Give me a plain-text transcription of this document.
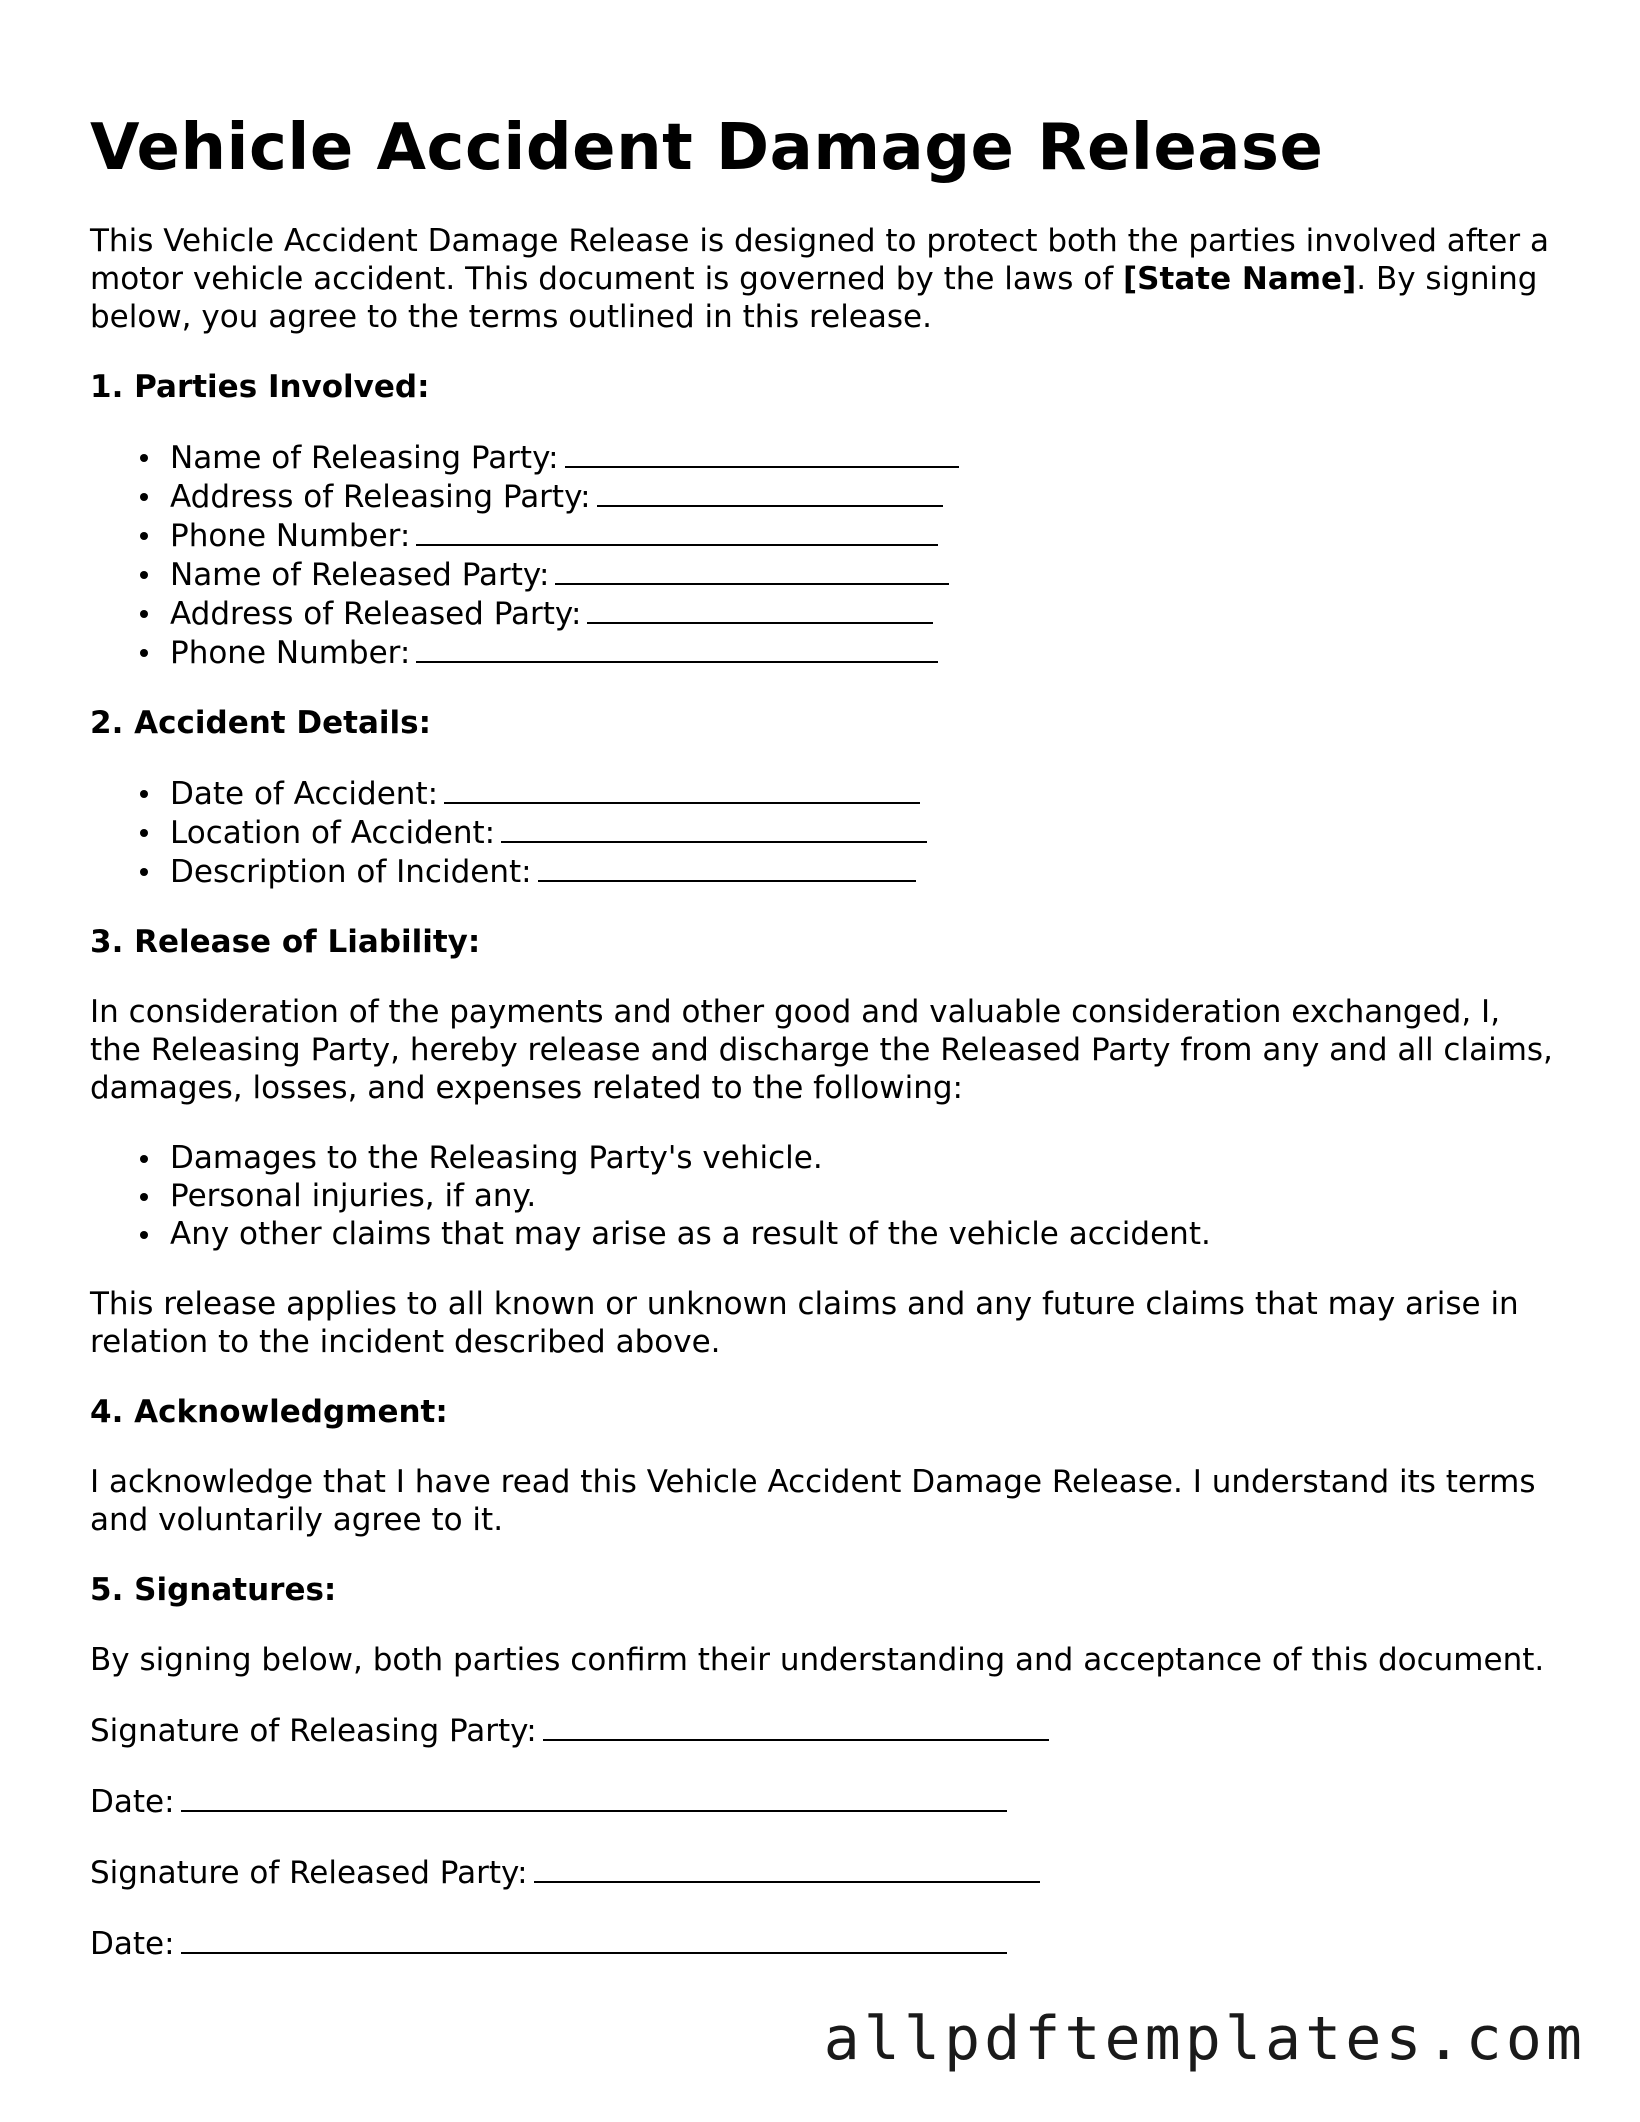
Vehicle Accident Damage Release

This Vehicle Accident Damage Release is designed to protect both the parties involved after a motor vehicle accident. This document is governed by the laws of [State Name]. By signing below, you agree to the terms outlined in this release.

1. Parties Involved:
Name of Releasing Party:
Address of Releasing Party:
Phone Number:
Name of Released Party:
Address of Released Party:
Phone Number:
2. Accident Details:
Date of Accident:
Location of Accident:
Description of Incident:
3. Release of Liability:

In consideration of the payments and other good and valuable consideration exchanged, I, the Releasing Party, hereby release and discharge the Released Party from any and all claims, damages, losses, and expenses related to the following:

Damages to the Releasing Party's vehicle.
Personal injuries, if any.
Any other claims that may arise as a result of the vehicle accident.

This release applies to all known or unknown claims and any future claims that may arise in relation to the incident described above.

4. Acknowledgment:

I acknowledge that I have read this Vehicle Accident Damage Release. I understand its terms and voluntarily agree to it.

5. Signatures:

By signing below, both parties confirm their understanding and acceptance of this document.

Signature of Releasing Party:
Date:
Signature of Released Party:
Date:
allpdftemplates.com
